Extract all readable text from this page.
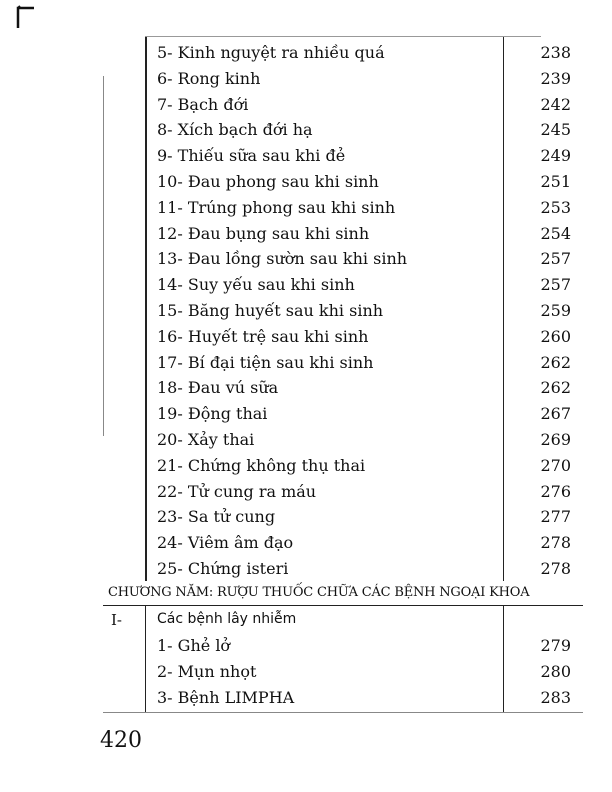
5- Kinh nguyệt ra nhiều quá	238
6- Rong kinh	239
7- Bạch đới	242
8- Xích bạch đới hạ	245
9- Thiếu sữa sau khi đẻ	249
10- Đau phong sau khi sinh	251
11- Trúng phong sau khi sinh	253
12- Đau bụng sau khi sinh	254
13- Đau lồng sườn sau khi sinh	257
14- Suy yếu sau khi sinh	257
15- Băng huyết sau khi sinh	259
16- Huyết trệ sau khi sinh	260
17- Bí đại tiện sau khi sinh	262
18- Đau vú sữa	262
19- Động thai	267
20- Xảy thai	269
21- Chứng không thụ thai	270
22- Tử cung ra máu	276
23- Sa tử cung	277
24- Viêm âm đạo	278
25- Chứng isteri	278
CHƯƠNG NĂM: RƯỢU THUỐC CHỮA CÁC BỆNH NGOẠI KHOA
I-	Các bệnh lây nhiễm
1- Ghẻ lở	279
2- Mụn nhọt	280
3- Bệnh LIMPHA	283
420
